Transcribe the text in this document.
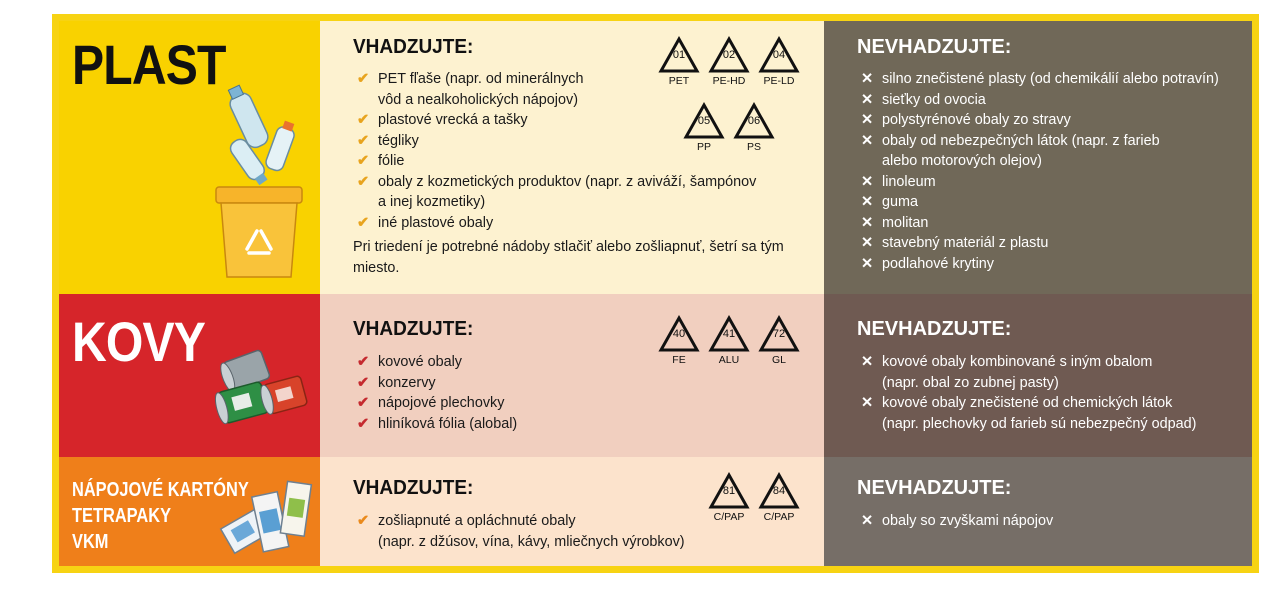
PLAST	VHADZUJTE:
✔ PET fľaše (napr. od minerálnych
vôd a nealkoholických nápojov)
✔ plastové vrecká a tašky
✔ tégliky
✔ fólie
✔ obaly z kozmetických produktov (napr. z aviváží, šampónov
a inej kozmetiky)
✔ iné plastové obaly
Pri triedení je potrebné nádoby stlačiť alebo zošliapnuť, šetrí sa tým miesto.
01
PET
02
PE-HD
04
PE-LD
05
PP
06
PS
NEVHADZUJTE:
✕ silno znečistené plasty (od chemikálií alebo potravín)
✕ sieťky od ovocia
✕ polystyrénové obaly zo stravy
✕ obaly od nebezpečných látok (napr. z farieb
alebo motorových olejov)
✕ linoleum
✕ guma
✕ molitan
✕ stavebný materiál z plastu
✕ podlahové krytiny
KOVY	VHADZUJTE:
✔ kovové obaly
✔ konzervy
✔ nápojové plechovky
✔ hliníková fólia (alobal)
40
FE
41
ALU
72
GL
NEVHADZUJTE:
✕ kovové obaly kombinované s iným obalom
(napr. obal zo zubnej pasty)
✕ kovové obaly znečistené od chemických látok
(napr. plechovky od farieb sú nebezpečný odpad)
NÁPOJOVÉ KARTÓNY
TETRAPAKY
VKM
VHADZUJTE:
✔ zošliapnuté a opláchnuté obaly
(napr. z džúsov, vína, kávy, mliečnych výrobkov)
81
C/PAP
84
C/PAP
NEVHADZUJTE:
✕ obaly so zvyškami nápojov
